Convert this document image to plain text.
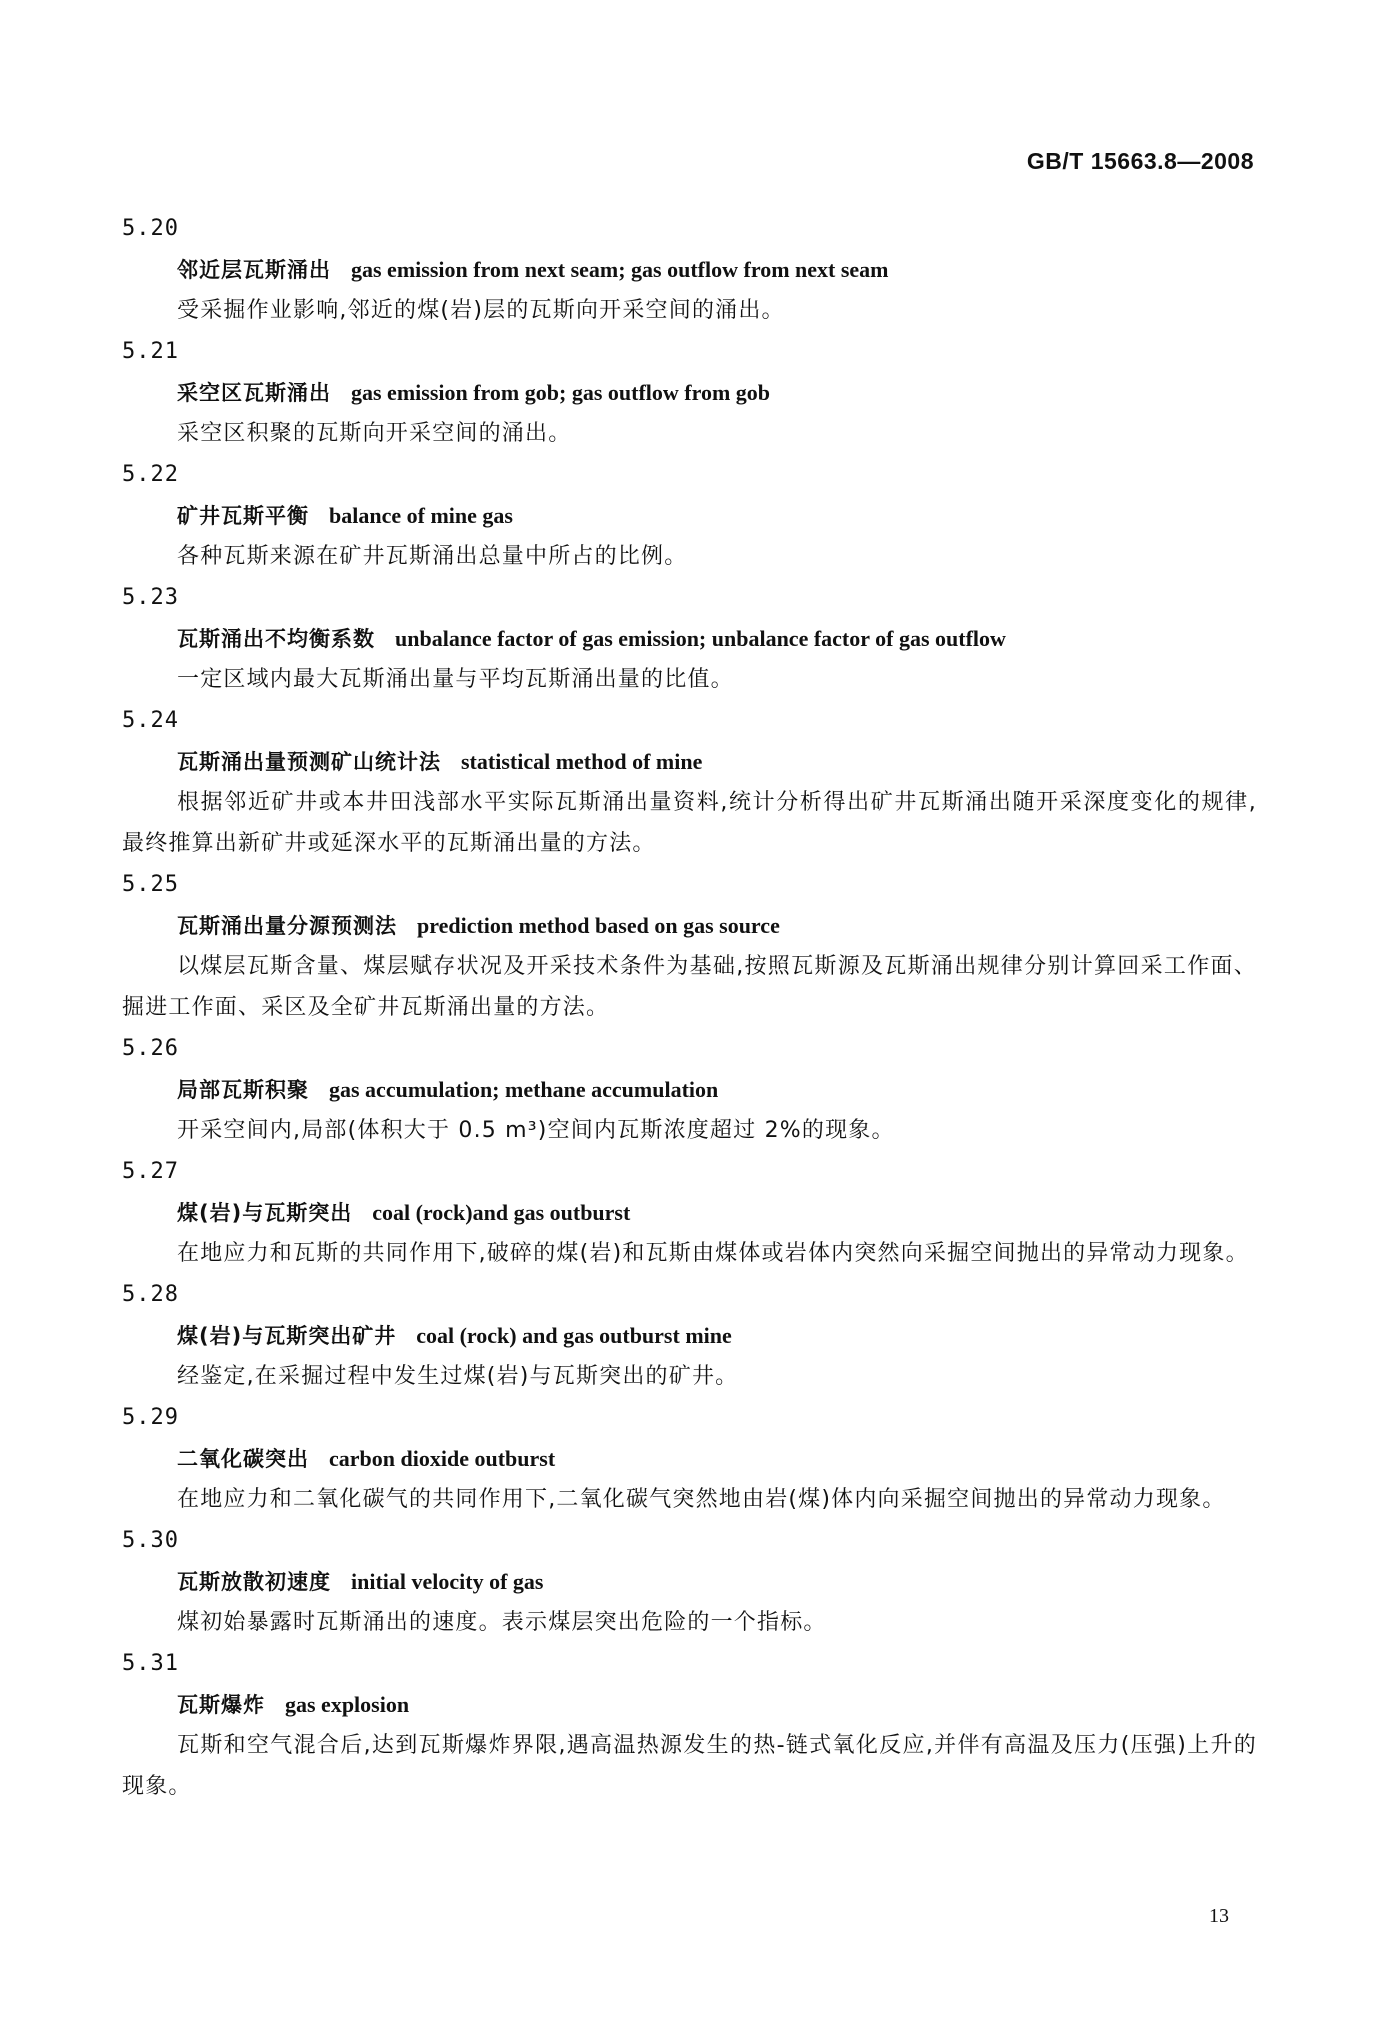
GB/T 15663.8—2008
5.20
邻近层瓦斯涌出 gas emission from next seam; gas outflow from next seam
受采掘作业影响,邻近的煤(岩)层的瓦斯向开采空间的涌出。
5.21
采空区瓦斯涌出 gas emission from gob; gas outflow from gob
采空区积聚的瓦斯向开采空间的涌出。
5.22
矿井瓦斯平衡 balance of mine gas
各种瓦斯来源在矿井瓦斯涌出总量中所占的比例。
5.23
瓦斯涌出不均衡系数 unbalance factor of gas emission; unbalance factor of gas outflow
一定区域内最大瓦斯涌出量与平均瓦斯涌出量的比值。
5.24
瓦斯涌出量预测矿山统计法 statistical method of mine
根据邻近矿井或本井田浅部水平实际瓦斯涌出量资料,统计分析得出矿井瓦斯涌出随开采深度变化的规律,最终推算出新矿井或延深水平的瓦斯涌出量的方法。
5.25
瓦斯涌出量分源预测法 prediction method based on gas source
以煤层瓦斯含量、煤层赋存状况及开采技术条件为基础,按照瓦斯源及瓦斯涌出规律分别计算回采工作面、掘进工作面、采区及全矿井瓦斯涌出量的方法。
5.26
局部瓦斯积聚 gas accumulation; methane accumulation
开采空间内,局部(体积大于 0.5 m³)空间内瓦斯浓度超过 2%的现象。
5.27
煤(岩)与瓦斯突出 coal (rock)and gas outburst
在地应力和瓦斯的共同作用下,破碎的煤(岩)和瓦斯由煤体或岩体内突然向采掘空间抛出的异常动力现象。
5.28
煤(岩)与瓦斯突出矿井 coal (rock) and gas outburst mine
经鉴定,在采掘过程中发生过煤(岩)与瓦斯突出的矿井。
5.29
二氧化碳突出 carbon dioxide outburst
在地应力和二氧化碳气的共同作用下,二氧化碳气突然地由岩(煤)体内向采掘空间抛出的异常动力现象。
5.30
瓦斯放散初速度 initial velocity of gas
煤初始暴露时瓦斯涌出的速度。表示煤层突出危险的一个指标。
5.31
瓦斯爆炸 gas explosion
瓦斯和空气混合后,达到瓦斯爆炸界限,遇高温热源发生的热-链式氧化反应,并伴有高温及压力(压强)上升的现象。
13
